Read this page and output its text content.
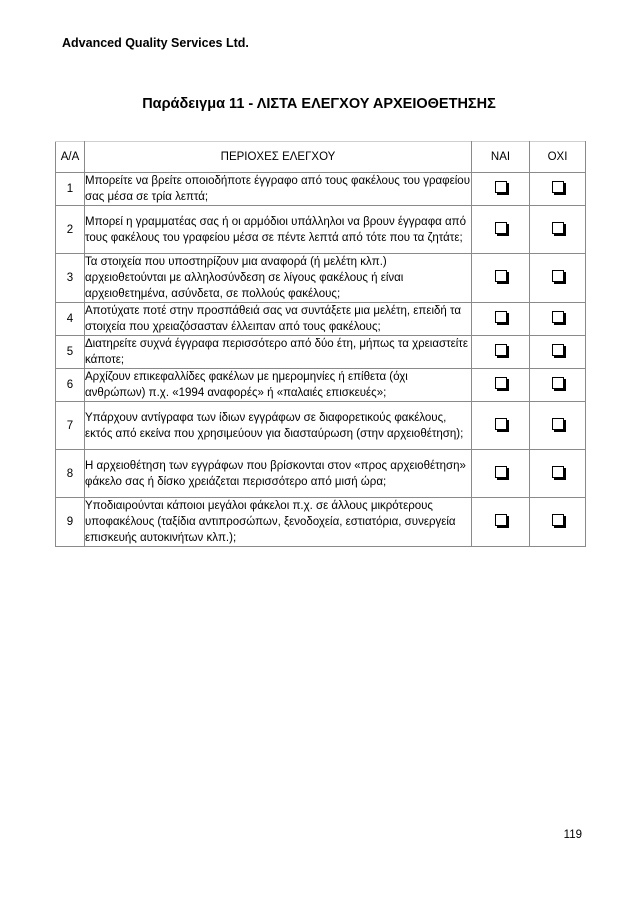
Advanced Quality Services Ltd.
Παράδειγμα 11 - ΛΙΣΤΑ ΕΛΕΓΧΟΥ ΑΡΧΕΙΟΘΕΤΗΣΗΣ
Α/Α	ΠΕΡΙΟΧΕΣ ΕΛΕΓΧΟΥ	ΝΑΙ	ΟΧΙ
1	Μπορείτε να βρείτε οποιοδήποτε έγγραφο από τους φακέλους του γραφείου σας μέσα σε τρία λεπτά;		
2	Μπορεί η γραμματέας σας ή οι αρμόδιοι υπάλληλοι να βρουν έγγραφα από τους φακέλους του γραφείου μέσα σε πέντε λεπτά από τότε που τα ζητάτε;		
3	Τα στοιχεία που υποστηρίζουν μια αναφορά (ή μελέτη κλπ.) αρχειοθετούνται με αλληλοσύνδεση σε λίγους φακέλους ή είναι αρχειοθετημένα, ασύνδετα, σε πολλούς φακέλους;		
4	Αποτύχατε ποτέ στην προσπάθειά σας να συντάξετε μια μελέτη, επειδή τα στοιχεία που χρειαζόσασταν έλλειπαν από τους φακέλους;		
5	Διατηρείτε συχνά έγγραφα περισσότερο από δύο έτη, μήπως τα χρειαστείτε κάποτε;		
6	Αρχίζουν επικεφαλλίδες φακέλων με ημερομηνίες ή επίθετα (όχι ανθρώπων) π.χ. «1994 αναφορές» ή «παλαιές επισκευές»;		
7	Υπάρχουν αντίγραφα των ίδιων εγγράφων σε διαφορετικούς φακέλους, εκτός από εκείνα που χρησιμεύουν για διασταύρωση (στην αρχειοθέτηση);		
8	Η αρχειοθέτηση των εγγράφων που βρίσκονται στον «προς αρχειοθέτηση» φάκελο σας ή δίσκο χρειάζεται περισσότερο από μισή ώρα;		
9	Υποδιαιρούνται κάποιοι μεγάλοι φάκελοι π.χ. σε άλλους μικρότερους υποφακέλους (ταξίδια αντιπροσώπων, ξενοδοχεία, εστιατόρια, συνεργεία επισκευής αυτοκινήτων κλπ.);		
119
